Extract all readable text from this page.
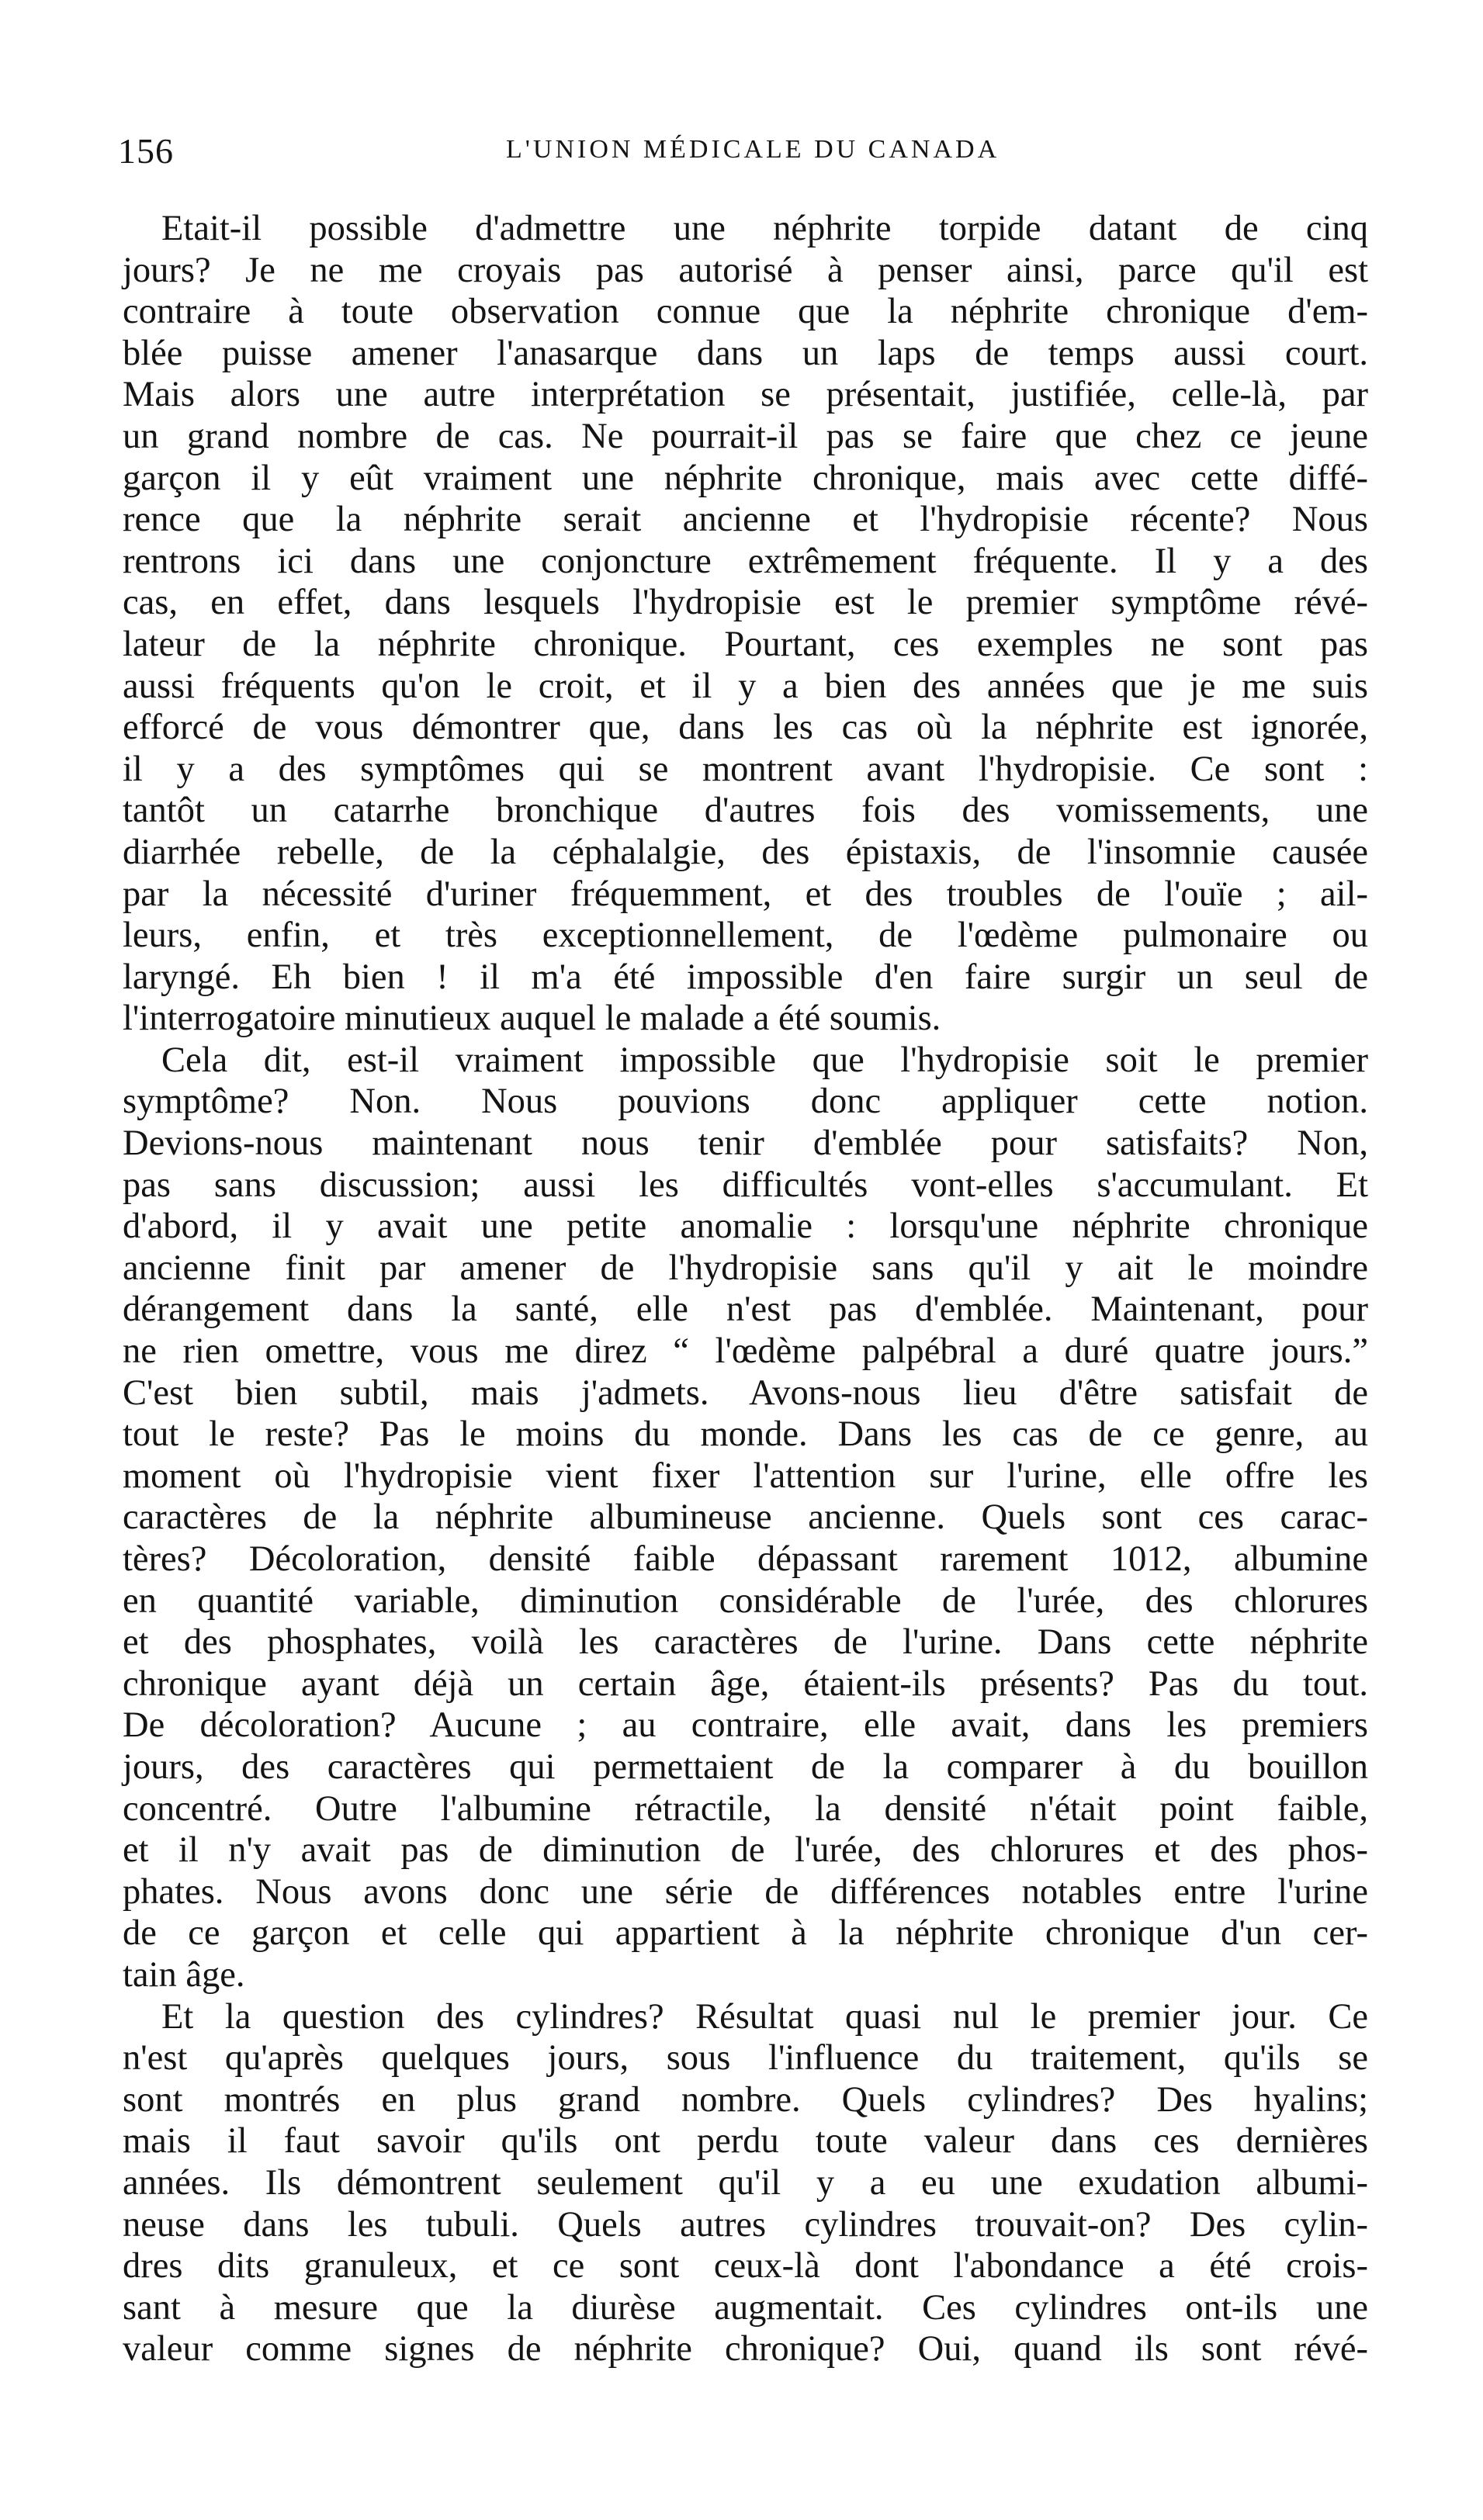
156	L'UNION MÉDICALE DU CANADA
Etait-il possible d'admettre une néphrite torpide datant de cinq
jours? Je ne me croyais pas autorisé à penser ainsi, parce qu'il est
contraire à toute observation connue que la néphrite chronique d'em-
blée puisse amener l'anasarque dans un laps de temps aussi court.
Mais alors une autre interprétation se présentait, justifiée, celle-là, par
un grand nombre de cas. Ne pourrait-il pas se faire que chez ce jeune
garçon il y eût vraiment une néphrite chronique, mais avec cette diffé-
rence que la néphrite serait ancienne et l'hydropisie récente? Nous
rentrons ici dans une conjoncture extrêmement fréquente. Il y a des
cas, en effet, dans lesquels l'hydropisie est le premier symptôme révé-
lateur de la néphrite chronique. Pourtant, ces exemples ne sont pas
aussi fréquents qu'on le croit, et il y a bien des années que je me suis
efforcé de vous démontrer que, dans les cas où la néphrite est ignorée,
il y a des symptômes qui se montrent avant l'hydropisie. Ce sont :
tantôt un catarrhe bronchique d'autres fois des vomissements, une
diarrhée rebelle, de la céphalalgie, des épistaxis, de l'insomnie causée
par la nécessité d'uriner fréquemment, et des troubles de l'ouïe ; ail-
leurs, enfin, et très exceptionnellement, de l'œdème pulmonaire ou
laryngé. Eh bien ! il m'a été impossible d'en faire surgir un seul de
l'interrogatoire minutieux auquel le malade a été soumis.
Cela dit, est-il vraiment impossible que l'hydropisie soit le premier
symptôme? Non. Nous pouvions donc appliquer cette notion.
Devions-nous maintenant nous tenir d'emblée pour satisfaits? Non,
pas sans discussion; aussi les difficultés vont-elles s'accumulant. Et
d'abord, il y avait une petite anomalie : lorsqu'une néphrite chronique
ancienne finit par amener de l'hydropisie sans qu'il y ait le moindre
dérangement dans la santé, elle n'est pas d'emblée. Maintenant, pour
ne rien omettre, vous me direz “ l'œdème palpébral a duré quatre jours.”
C'est bien subtil, mais j'admets. Avons-nous lieu d'être satisfait de
tout le reste? Pas le moins du monde. Dans les cas de ce genre, au
moment où l'hydropisie vient fixer l'attention sur l'urine, elle offre les
caractères de la néphrite albumineuse ancienne. Quels sont ces carac-
tères? Décoloration, densité faible dépassant rarement 1012, albumine
en quantité variable, diminution considérable de l'urée, des chlorures
et des phosphates, voilà les caractères de l'urine. Dans cette néphrite
chronique ayant déjà un certain âge, étaient-ils présents? Pas du tout.
De décoloration? Aucune ; au contraire, elle avait, dans les premiers
jours, des caractères qui permettaient de la comparer à du bouillon
concentré. Outre l'albumine rétractile, la densité n'était point faible,
et il n'y avait pas de diminution de l'urée, des chlorures et des phos-
phates. Nous avons donc une série de différences notables entre l'urine
de ce garçon et celle qui appartient à la néphrite chronique d'un cer-
tain âge.
Et la question des cylindres? Résultat quasi nul le premier jour. Ce
n'est qu'après quelques jours, sous l'influence du traitement, qu'ils se
sont montrés en plus grand nombre. Quels cylindres? Des hyalins;
mais il faut savoir qu'ils ont perdu toute valeur dans ces dernières
années. Ils démontrent seulement qu'il y a eu une exudation albumi-
neuse dans les tubuli. Quels autres cylindres trouvait-on? Des cylin-
dres dits granuleux, et ce sont ceux-là dont l'abondance a été crois-
sant à mesure que la diurèse augmentait. Ces cylindres ont-ils une
valeur comme signes de néphrite chronique? Oui, quand ils sont révé-
